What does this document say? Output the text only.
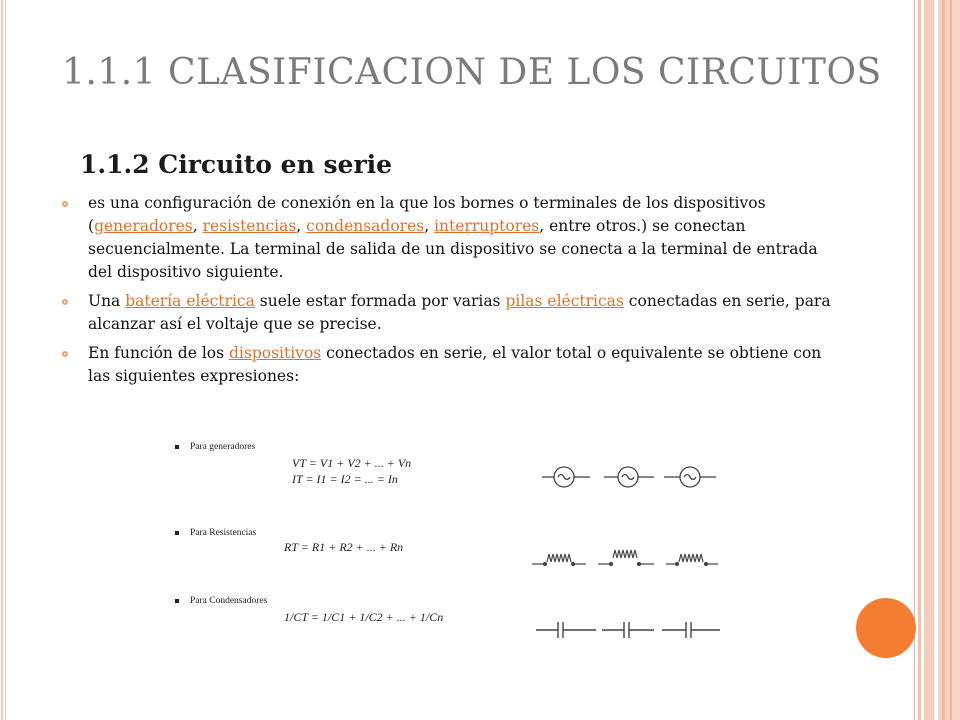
1.1.1 CLASIFICACION DE LOS CIRCUITOS
1.1.2 Circuito en serie
es una configuración de conexión en la que los bornes o terminales de los dispositivos (generadores, resistencias, condensadores, interruptores, entre otros.) se conectan secuencialmente. La terminal de salida de un dispositivo se conecta a la terminal de entrada del dispositivo siguiente.
Una batería eléctrica suele estar formada por varias pilas eléctricas conectadas en serie, para alcanzar así el voltaje que se precise.
En función de los dispositivos conectados en serie, el valor total o equivalente se obtiene con las siguientes expresiones:
Para generadores
VT = V1 + V2 + ... + Vn
IT = I1 = I2 = ... = In
Para Resistencias
RT = R1 + R2 + ... + Rn
Para Condensadores
1/CT = 1/C1 + 1/C2 + ... + 1/Cn
